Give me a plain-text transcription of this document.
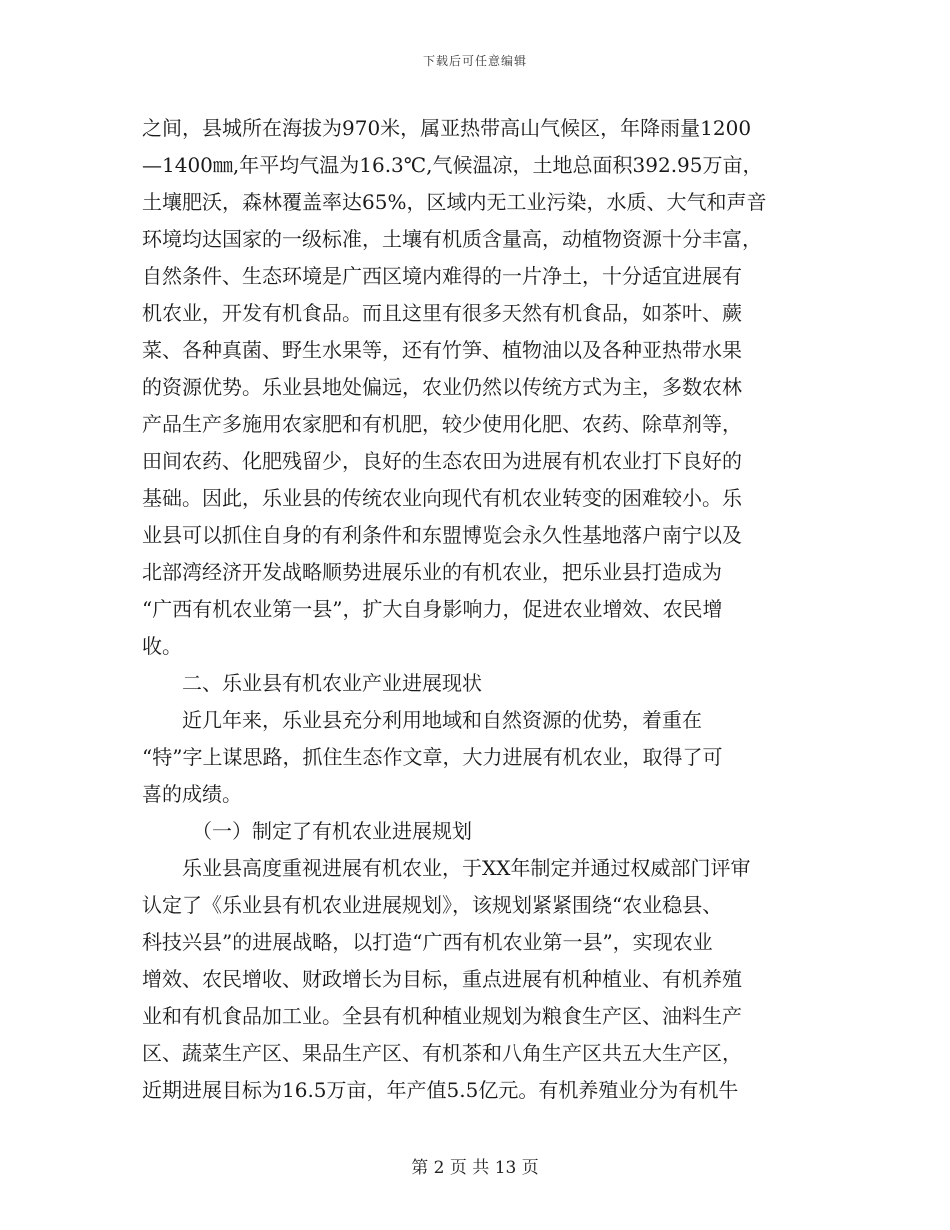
下载后可任意编辑
之间，县城所在海拔为970米，属亚热带高山气候区，年降雨量1200
—1400㎜,年平均气温为16.3℃,气候温凉，土地总面积392.95万亩，
土壤肥沃，森林覆盖率达65%，区域内无工业污染，水质、大气和声音
环境均达国家的一级标准，土壤有机质含量高，动植物资源十分丰富，
自然条件、生态环境是广西区境内难得的一片净土，十分适宜进展有
机农业，开发有机食品。而且这里有很多天然有机食品，如茶叶、蕨
菜、各种真菌、野生水果等，还有竹笋、植物油以及各种亚热带水果
的资源优势。乐业县地处偏远，农业仍然以传统方式为主，多数农林
产品生产多施用农家肥和有机肥，较少使用化肥、农药、除草剂等，
田间农药、化肥残留少，良好的生态农田为进展有机农业打下良好的
基础。因此，乐业县的传统农业向现代有机农业转变的困难较小。乐
业县可以抓住自身的有利条件和东盟博览会永久性基地落户南宁以及
北部湾经济开发战略顺势进展乐业的有机农业，把乐业县打造成为
“广西有机农业第一县”，扩大自身影响力，促进农业增效、农民增
收。
　　二、乐业县有机农业产业进展现状
　　近几年来，乐业县充分利用地域和自然资源的优势，着重在
“特”字上谋思路，抓住生态作文章，大力进展有机农业，取得了可
喜的成绩。
　　　（一）制定了有机农业进展规划
　　乐业县高度重视进展有机农业，于XX年制定并通过权威部门评审
认定了《乐业县有机农业进展规划》，该规划紧紧围绕“农业稳县、
科技兴县”的进展战略，以打造“广西有机农业第一县”，实现农业
增效、农民增收、财政增长为目标，重点进展有机种植业、有机养殖
业和有机食品加工业。全县有机种植业规划为粮食生产区、油料生产
区、蔬菜生产区、果品生产区、有机茶和八角生产区共五大生产区，
近期进展目标为16.5万亩，年产值5.5亿元。有机养殖业分为有机牛
第 2 页 共 13 页
